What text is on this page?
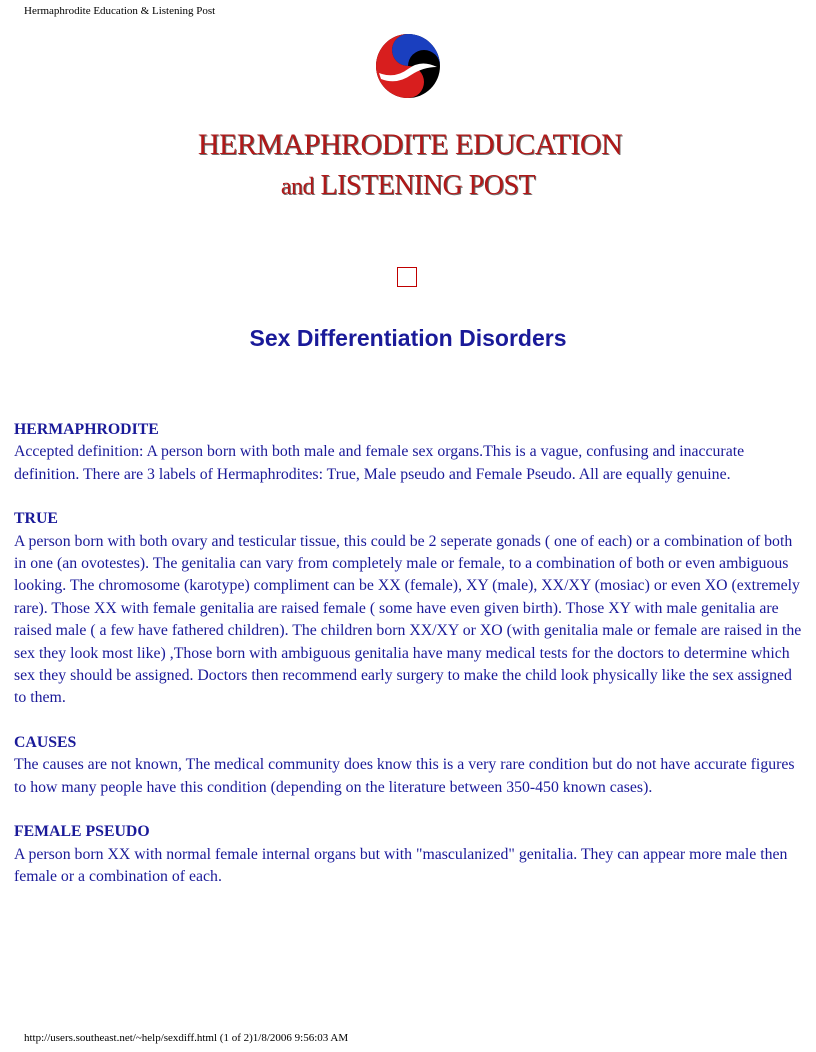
Hermaphrodite Education & Listening Post
HERMAPHRODITE EDUCATION
and LISTENING POST
Sex Differentiation Disorders
HERMAPHRODITE
Accepted definition: A person born with both male and female sex organs.This is a vague, confusing and inaccurate definition. There are 3 labels of Hermaphrodites: True, Male pseudo and Female Pseudo. All are equally genuine.
TRUE
A person born with both ovary and testicular tissue, this could be 2 seperate gonads ( one of each) or a combination of both in one (an ovotestes). The genitalia can vary from completely male or female, to a combination of both or even ambiguous looking. The chromosome (karotype) compliment can be XX (female), XY (male), XX/XY (mosiac) or even XO (extremely rare). Those XX with female genitalia are raised female ( some have even given birth). Those XY with male genitalia are raised male ( a few have fathered children). The children born XX/XY or XO (with genitalia male or female are raised in the sex they look most like) ,Those born with ambiguous genitalia have many medical tests for the doctors to determine which sex they should be assigned. Doctors then recommend early surgery to make the child look physically like the sex assigned to them.
CAUSES
The causes are not known, The medical community does know this is a very rare condition but do not have accurate figures to how many people have this condition (depending on the literature between 350-450 known cases).
FEMALE PSEUDO
A person born XX with normal female internal organs but with "masculanized" genitalia. They can appear more male then female or a combination of each.
http://users.southeast.net/~help/sexdiff.html (1 of 2)1/8/2006 9:56:03 AM
